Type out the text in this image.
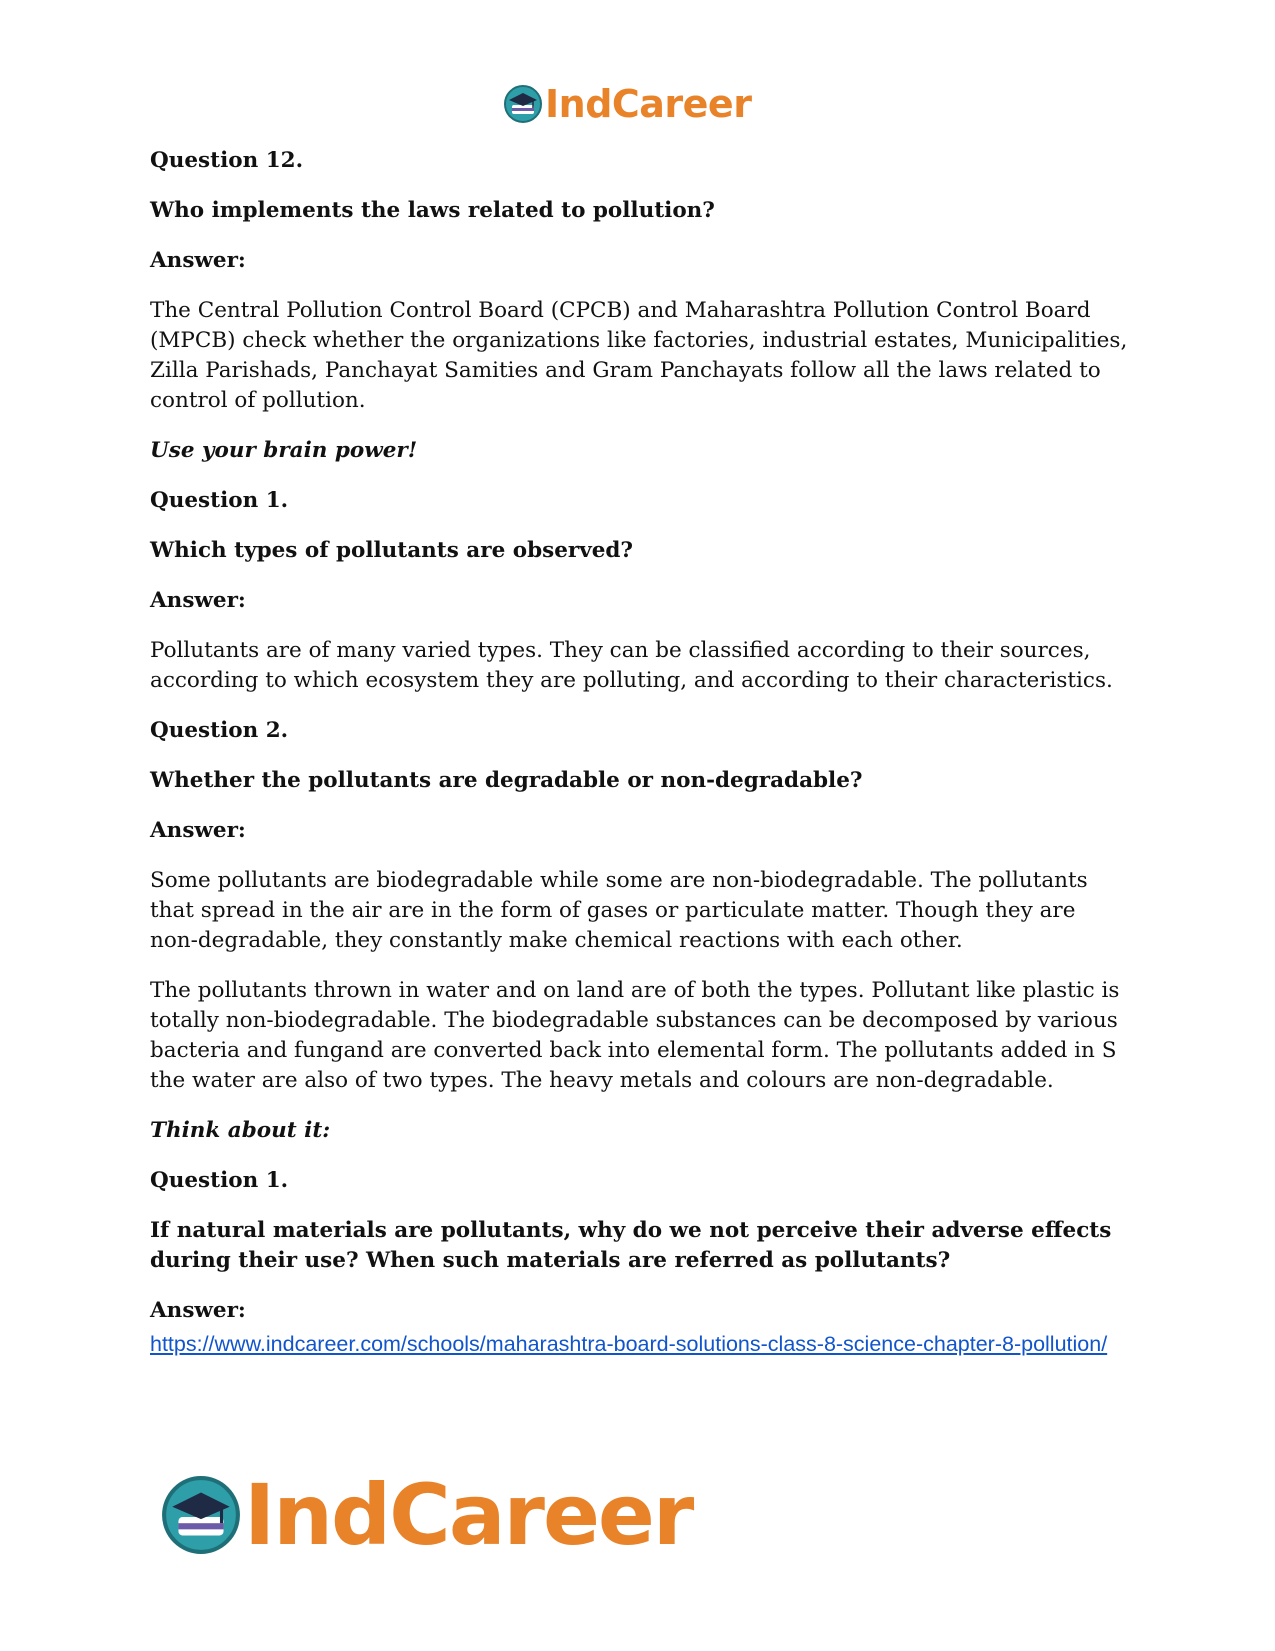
IndCareer

Question 12.

Who implements the laws related to pollution?

Answer:

The Central Pollution Control Board (CPCB) and Maharashtra Pollution Control Board (MPCB) check whether the organizations like factories, industrial estates, Municipalities, Zilla Parishads, Panchayat Samities and Gram Panchayats follow all the laws related to control of pollution.

Use your brain power!

Question 1.

Which types of pollutants are observed?

Answer:

Pollutants are of many varied types. They can be classified according to their sources, according to which ecosystem they are polluting, and according to their characteristics.

Question 2.

Whether the pollutants are degradable or non-degradable?

Answer:

Some pollutants are biodegradable while some are non-biodegradable. The pollutants that spread in the air are in the form of gases or particulate matter. Though they are non-degradable, they constantly make chemical reactions with each other.

The pollutants thrown in water and on land are of both the types. Pollutant like plastic is totally non-biodegradable. The biodegradable substances can be decomposed by various bacteria and fungand are converted back into elemental form. The pollutants added in S the water are also of two types. The heavy metals and colours are non-degradable.

Think about it:

Question 1.

If natural materials are pollutants, why do we not perceive their adverse effects during their use? When such materials are referred as pollutants?

Answer:

https://www.indcareer.com/schools/maharashtra-board-solutions-class-8-science-chapter-8-pollution/
IndCareer
